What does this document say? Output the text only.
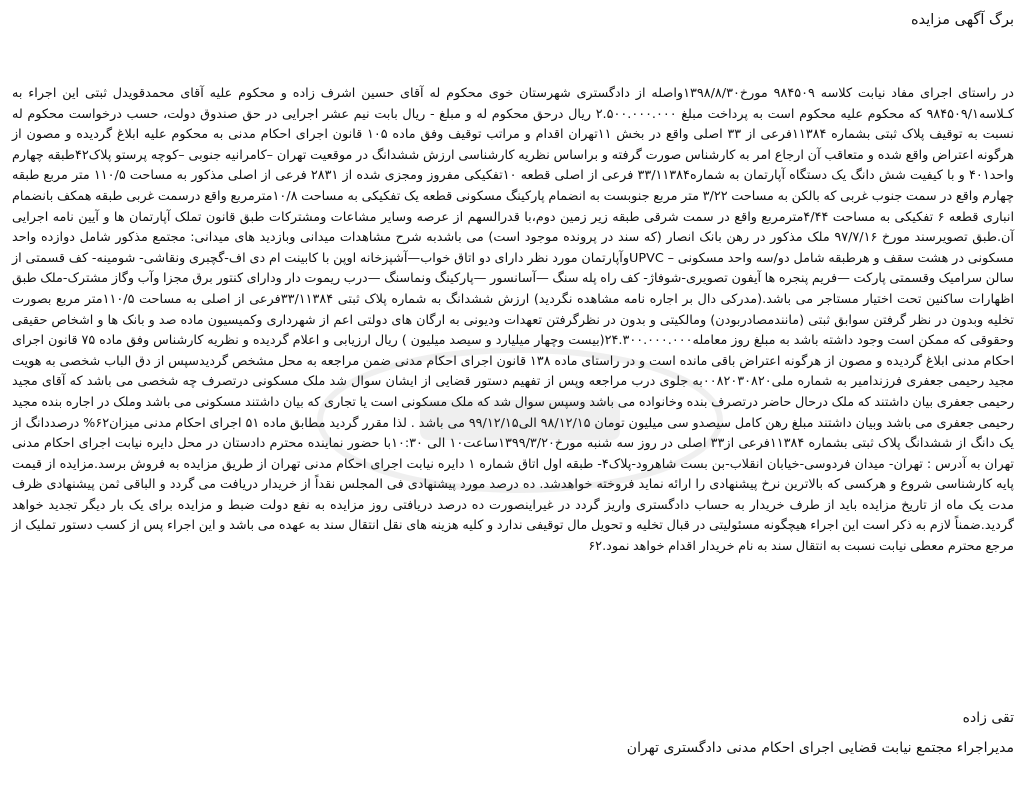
برگ آگهی مزایده

در راستای اجرای مفاد نیابت کلاسه ۹۸۴۵۰۹ مورخ۱۳۹۸/۸/۳۰واصله از دادگستری شهرستان خوی محکوم له آقای حسین اشرف زاده و محکوم علیه آقای محمدقویدل ثبتی این اجراء به ک‍ـلاسه۹۸۴۵۰۹/۱ که محکوم علیه محکوم است به پرداخت مبلغ ۲.۵۰۰.۰۰۰.۰۰۰ ریال درحق محکوم له و مبلغ - ریال بابت نیم عشر اجرایی در حق صندوق دولت، حسب درخواست محکوم له نسبت به توقیف پلاک ثبتی بشماره ۱۱۳۸۴فرعی از ۳۳ اصلی واقع در بخش ۱۱تهران اقدام و مراتب توقیف وفق ماده ۱۰۵ قانون اجرای احکام مدنی به محکوم علیه ابلاغ گردیده و مصون از هرگونه اعتراض واقع شده و متعاقب آن ارجاع امر به کارشناس صورت گرفته و براساس نظریه کارشناسی ارزش ششدانگ در موقعیت تهران –کامرانیه جنوبی –کوچه پرستو پلاک۴۲طبقه چهارم واحد۴۰۱ و با کیفیت شش دانگ یک دستگاه آپارتمان به شماره۳۳/۱۱۳۸۴ فرعی از اصلی قطعه ۱۰تفکیکی مفروز ومجزی شده از ۲۸۳۱ فرعی از اصلی مذکور به مساحت ۱۱۰/۵ متر مربع طبقه چهارم واقع در سمت جنوب غربی که بالکن به مساحت ۳/۲۲ متر مربع جنوبست به انضمام پارکینگ مسکونی قطعه یک تفکیکی به مساحت ۱۰/۸مترمربع واقع درسمت غربی طبقه همکف بانضمام انباری قطعه ۶ تفکیکی به مساحت ۴/۴۴مترمربع واقع در سمت شرقی طبقه زیر زمین دوم،با قدرالسهم از عرصه وسایر مشاعات ومشترکات طبق قانون تملک آپارتمان ها و آیین نامه اجرایی آن.طبق تصویرسند مورخ ۹۷/۷/۱۶ ملک مذکور در رهن بانک انصار (که سند در پرونده موجود است) می باشدبه شرح مشاهدات میدانی وبازدید های میدانی: مجتمع مذکور شامل دوازده واحد مسکونی در هشت سقف و هرطبقه شامل دو/سه واحد مسکونی – UPVCوآپارتمان مورد نظر دارای دو اتاق خواب—آشپزخانه اوپن با کابینت ام دی اف-گچبری ونقاشی- شومینه- کف قسمتی از سالن سرامیک وقسمتی پارکت —فریم پنجره ها آیفون تصویری-شوفاژ- کف راه پله سنگ —آسانسور —پارکینگ ونماسنگ —درب ریموت دار ودارای کنتور برق مجزا وآب وگاز مشترک-ملک طبق اظهارات ساکنین تحت اختیار مستاجر می باشد.(مدرکی دال بر اجاره نامه مشاهده نگردید) ارزش ششدانگ به شماره پلاک ثبتی ۳۳/۱۱۳۸۴فرعی از اصلی به مساحت ۱۱۰/۵متر مربع بصورت تخلیه وبدون در نظر گرفتن سوابق ثبتی (مانندمصادربودن) ومالکیتی و بدون در نظرگرفتن تعهدات ودیونی به ارگان های دولتی اعم از شهرداری وکمیسیون ماده صد و بانک ها و اشخاص حقیقی وحقوقی که ممکن است وجود داشته باشد به مبلغ روز معامله۲۴.۳۰۰.۰۰۰.۰۰۰(بیست وچهار میلیارد و سیصد میلیون ) ریال ارزیابی و اعلام گردیده و نظریه کارشناس وفق ماده ۷۵ قانون اجرای احکام مدنی ابلاغ گردیده و مصون از هرگونه اعتراض باقی مانده است و در راستای ماده ۱۳۸ قانون اجرای احکام مدنی ضمن مراجعه به محل مشخص گردیدسپس از دق الباب شخصی به هویت مجید رحیمی جعفری فرزندامیر به شماره ملی۰۰۸۲۰۳۰۸۲۰به جلوی درب مراجعه وپس از تفهیم دستور قضایی از ایشان سوال شد ملک مسکونی درتصرف چه شخصی می باشد که آقای مجید رحیمی جعفری بیان داشتند که ملک درحال حاضر درتصرف بنده وخانواده می باشد وسپس سوال شد که ملک مسکونی است یا تجاری که بیان داشتند مسکونی می باشد وملک در اجاره بنده مجید رحیمی جعفری می باشد وبیان داشتند مبلغ رهن کامل سیصدو سی میلیون تومان ۹۸/۱۲/۱۵ الی۹۹/۱۲/۱۵ می باشد . لذا مقرر گردید مطابق ماده ۵۱ اجرای احکام مدنی میزان۶۲% درصددانگ از یک دانگ از ششدانگ پلاک ثبتی بشماره ۱۱۳۸۴فرعی از۳۳ اصلی در روز سه شنبه مورخ۱۳۹۹/۳/۲۰ساعت۱۰ الی ۱۰:۳۰با حضور نماینده محترم دادستان در محل دایره نیابت اجرای احکام مدنی تهران به آدرس : تهران- میدان فردوسی-خیابان انقلاب-بن بست شاهرود-پلاک۴- طبقه اول اتاق شماره ۱ دایره نیابت اجرای احکام مدنی تهران از طریق مزایده به فروش برسد.مزایده از قیمت پایه کارشناسی شروع و هرکسی که بالاترین نرخ پیشنهادی را ارائه نماید فروخته خواهدشد. ده درصد مورد پیشنهادی فی المجلس نقداً از خریدار دریافت می گردد و الباقی ثمن پیشنهادی ظرف مدت یک ماه از تاریخ مزایده باید از طرف خریدار به حساب دادگستری واریز گردد در غیراینصورت ده درصد دریافتی روز مزایده به نفع دولت ضبط و مزایده برای یک بار دیگر تجدید خواهد گردید.ضمناً لازم به ذکر است این اجراء هیچگونه مسئولیتی در قبال تخلیه و تحویل مال توقیفی ندارد و کلیه هزینه های نقل انتقال سند به عهده می باشد و این اجراء پس از کسب دستور تملیک از مرجع محترم معطی نیابت نسبت به انتقال سند به نام خریدار اقدام خواهد نمود.۶۲

تقی زاده

مدیراجراء مجتمع نیابت قضایی اجرای احکام مدنی دادگستری تهران
